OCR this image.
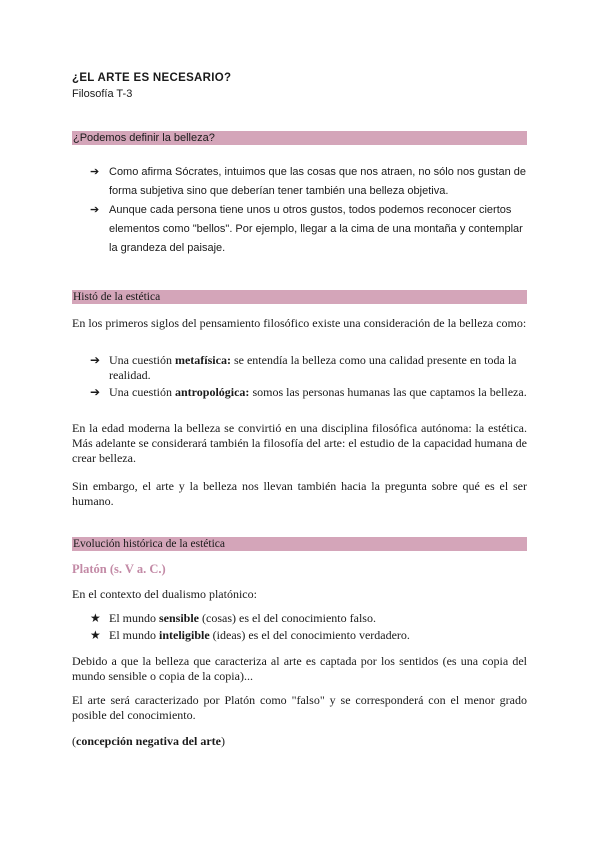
¿EL ARTE ES NECESARIO?
Filosofía T-3
¿Podemos definir la belleza?
➔ Como afirma Sócrates, intuimos que las cosas que nos atraen, no sólo nos gustan de forma subjetiva sino que deberían tener también una belleza objetiva.
➔ Aunque cada persona tiene unos u otros gustos, todos podemos reconocer ciertos elementos como "bellos". Por ejemplo, llegar a la cima de una montaña y contemplar la grandeza del paisaje.
Histó de la estética

En los primeros siglos del pensamiento filosófico existe una consideración de la belleza como:

➔ Una cuestión metafísica: se entendía la belleza como una calidad presente en toda la realidad.
➔ Una cuestión antropológica: somos las personas humanas las que captamos la belleza.

En la edad moderna la belleza se convirtió en una disciplina filosófica autónoma: la estética. Más adelante se considerará también la filosofía del arte: el estudio de la capacidad humana de crear belleza.

Sin embargo, el arte y la belleza nos llevan también hacia la pregunta sobre qué es el ser humano.

Evolución histórica de la estética
Platón (s. V a. C.)

En el contexto del dualismo platónico:

★ El mundo sensible (cosas) es el del conocimiento falso.
★ El mundo inteligible (ideas) es el del conocimiento verdadero.

Debido a que la belleza que caracteriza al arte es captada por los sentidos (es una copia del mundo sensible o copia de la copia)...

El arte será caracterizado por Platón como "falso" y se corresponderá con el menor grado posible del conocimiento.

(concepción negativa del arte)
